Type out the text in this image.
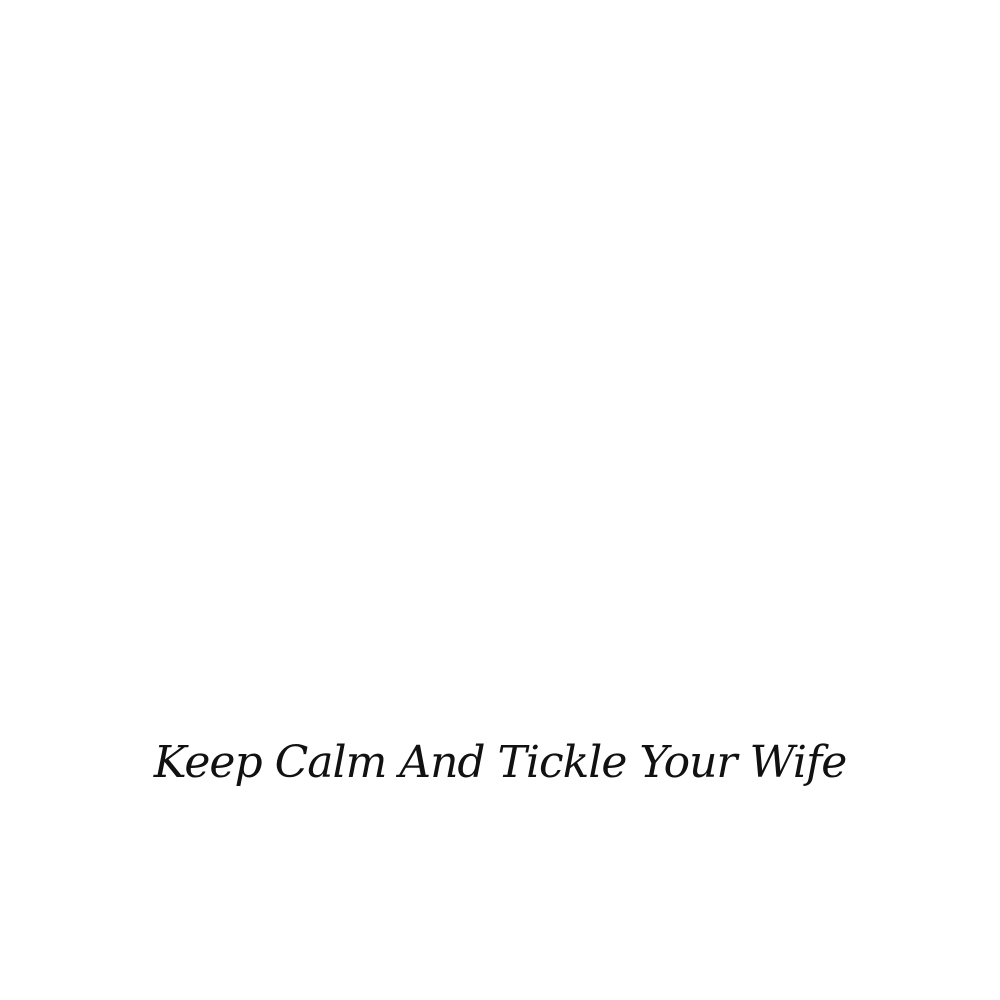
Keep Calm And Tickle Your Wife
